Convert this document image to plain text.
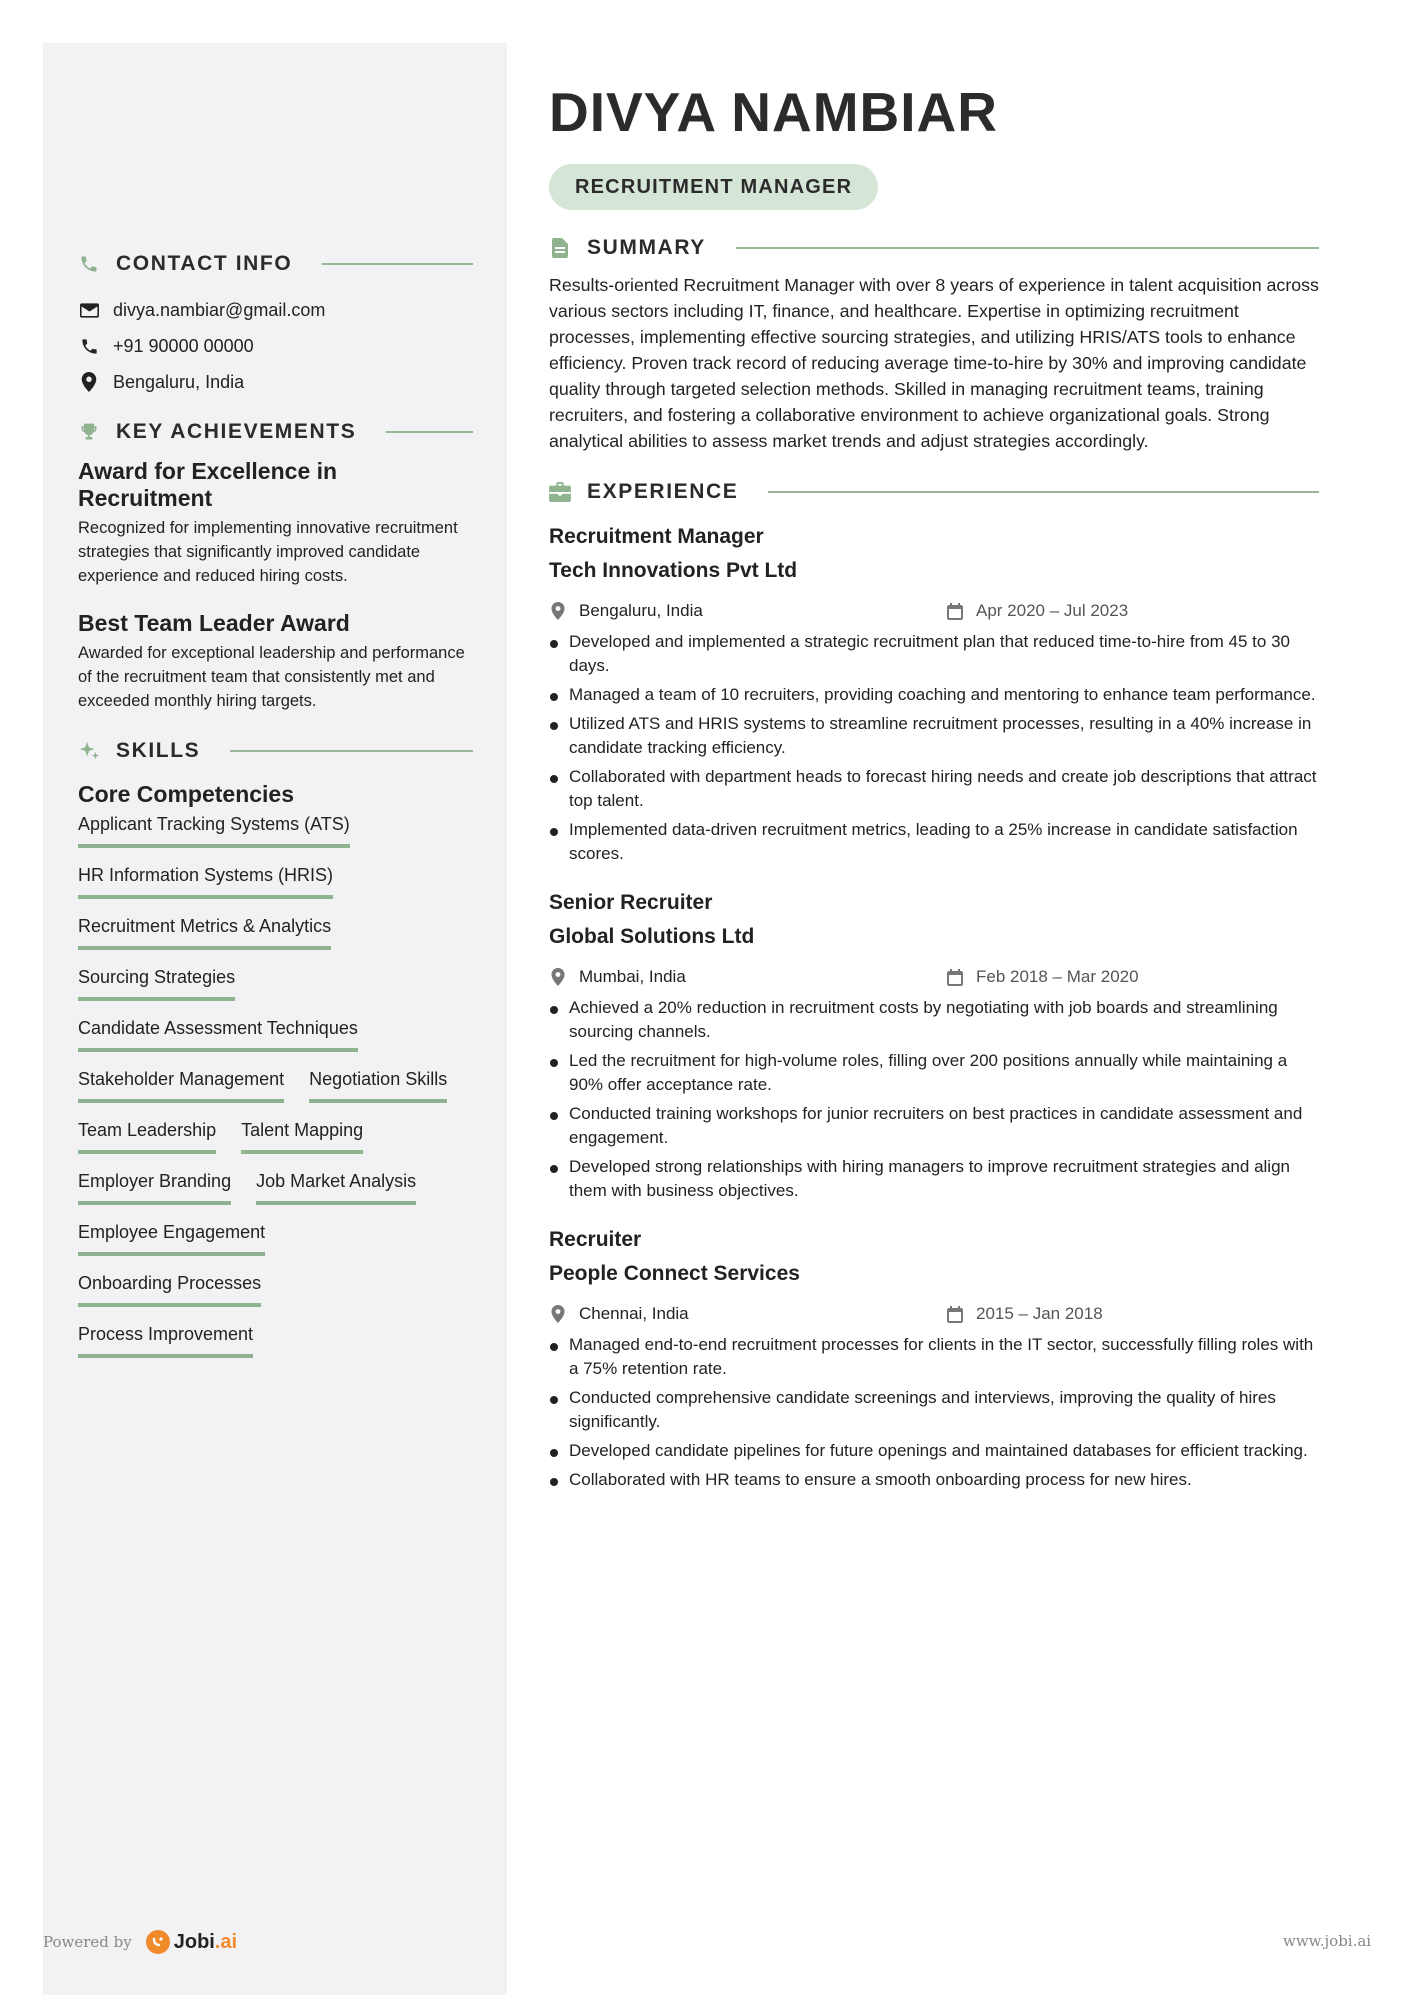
CONTACT INFO
divya.nambiar@gmail.com
+91 90000 00000
Bengaluru, India
KEY ACHIEVEMENTS
Award for Excellence in Recruitment
Recognized for implementing innovative recruitment strategies that significantly improved candidate experience and reduced hiring costs.
Best Team Leader Award
Awarded for exceptional leadership and performance of the recruitment team that consistently met and exceeded monthly hiring targets.
SKILLS
Core Competencies
Applicant Tracking Systems (ATS)
HR Information Systems (HRIS)
Recruitment Metrics & Analytics
Sourcing Strategies
Candidate Assessment Techniques
Stakeholder Management Negotiation Skills
Team Leadership Talent Mapping
Employer Branding Job Market Analysis
Employee Engagement
Onboarding Processes
Process Improvement
DIVYA NAMBIAR
RECRUITMENT MANAGER
SUMMARY
Results-oriented Recruitment Manager with over 8 years of experience in talent acquisition across various sectors including IT, finance, and healthcare. Expertise in optimizing recruitment processes, implementing effective sourcing strategies, and utilizing HRIS/ATS tools to enhance efficiency. Proven track record of reducing average time-to-hire by 30% and improving candidate quality through targeted selection methods. Skilled in managing recruitment teams, training recruiters, and fostering a collaborative environment to achieve organizational goals. Strong analytical abilities to assess market trends and adjust strategies accordingly.
EXPERIENCE
Recruitment Manager
Tech Innovations Pvt Ltd
Bengaluru, India	Apr 2020 – Jul 2023
Developed and implemented a strategic recruitment plan that reduced time-to-hire from 45 to 30 days.
Managed a team of 10 recruiters, providing coaching and mentoring to enhance team performance.
Utilized ATS and HRIS systems to streamline recruitment processes, resulting in a 40% increase in candidate tracking efficiency.
Collaborated with department heads to forecast hiring needs and create job descriptions that attract top talent.
Implemented data-driven recruitment metrics, leading to a 25% increase in candidate satisfaction scores.
Senior Recruiter
Global Solutions Ltd
Mumbai, India	Feb 2018 – Mar 2020
Achieved a 20% reduction in recruitment costs by negotiating with job boards and streamlining sourcing channels.
Led the recruitment for high-volume roles, filling over 200 positions annually while maintaining a 90% offer acceptance rate.
Conducted training workshops for junior recruiters on best practices in candidate assessment and engagement.
Developed strong relationships with hiring managers to improve recruitment strategies and align them with business objectives.
Recruiter
People Connect Services
Chennai, India	2015 – Jan 2018
Managed end-to-end recruitment processes for clients in the IT sector, successfully filling roles with a 75% retention rate.
Conducted comprehensive candidate screenings and interviews, improving the quality of hires significantly.
Developed candidate pipelines for future openings and maintained databases for efficient tracking.
Collaborated with HR teams to ensure a smooth onboarding process for new hires.
Powered by Jobi.ai	www.jobi.ai
